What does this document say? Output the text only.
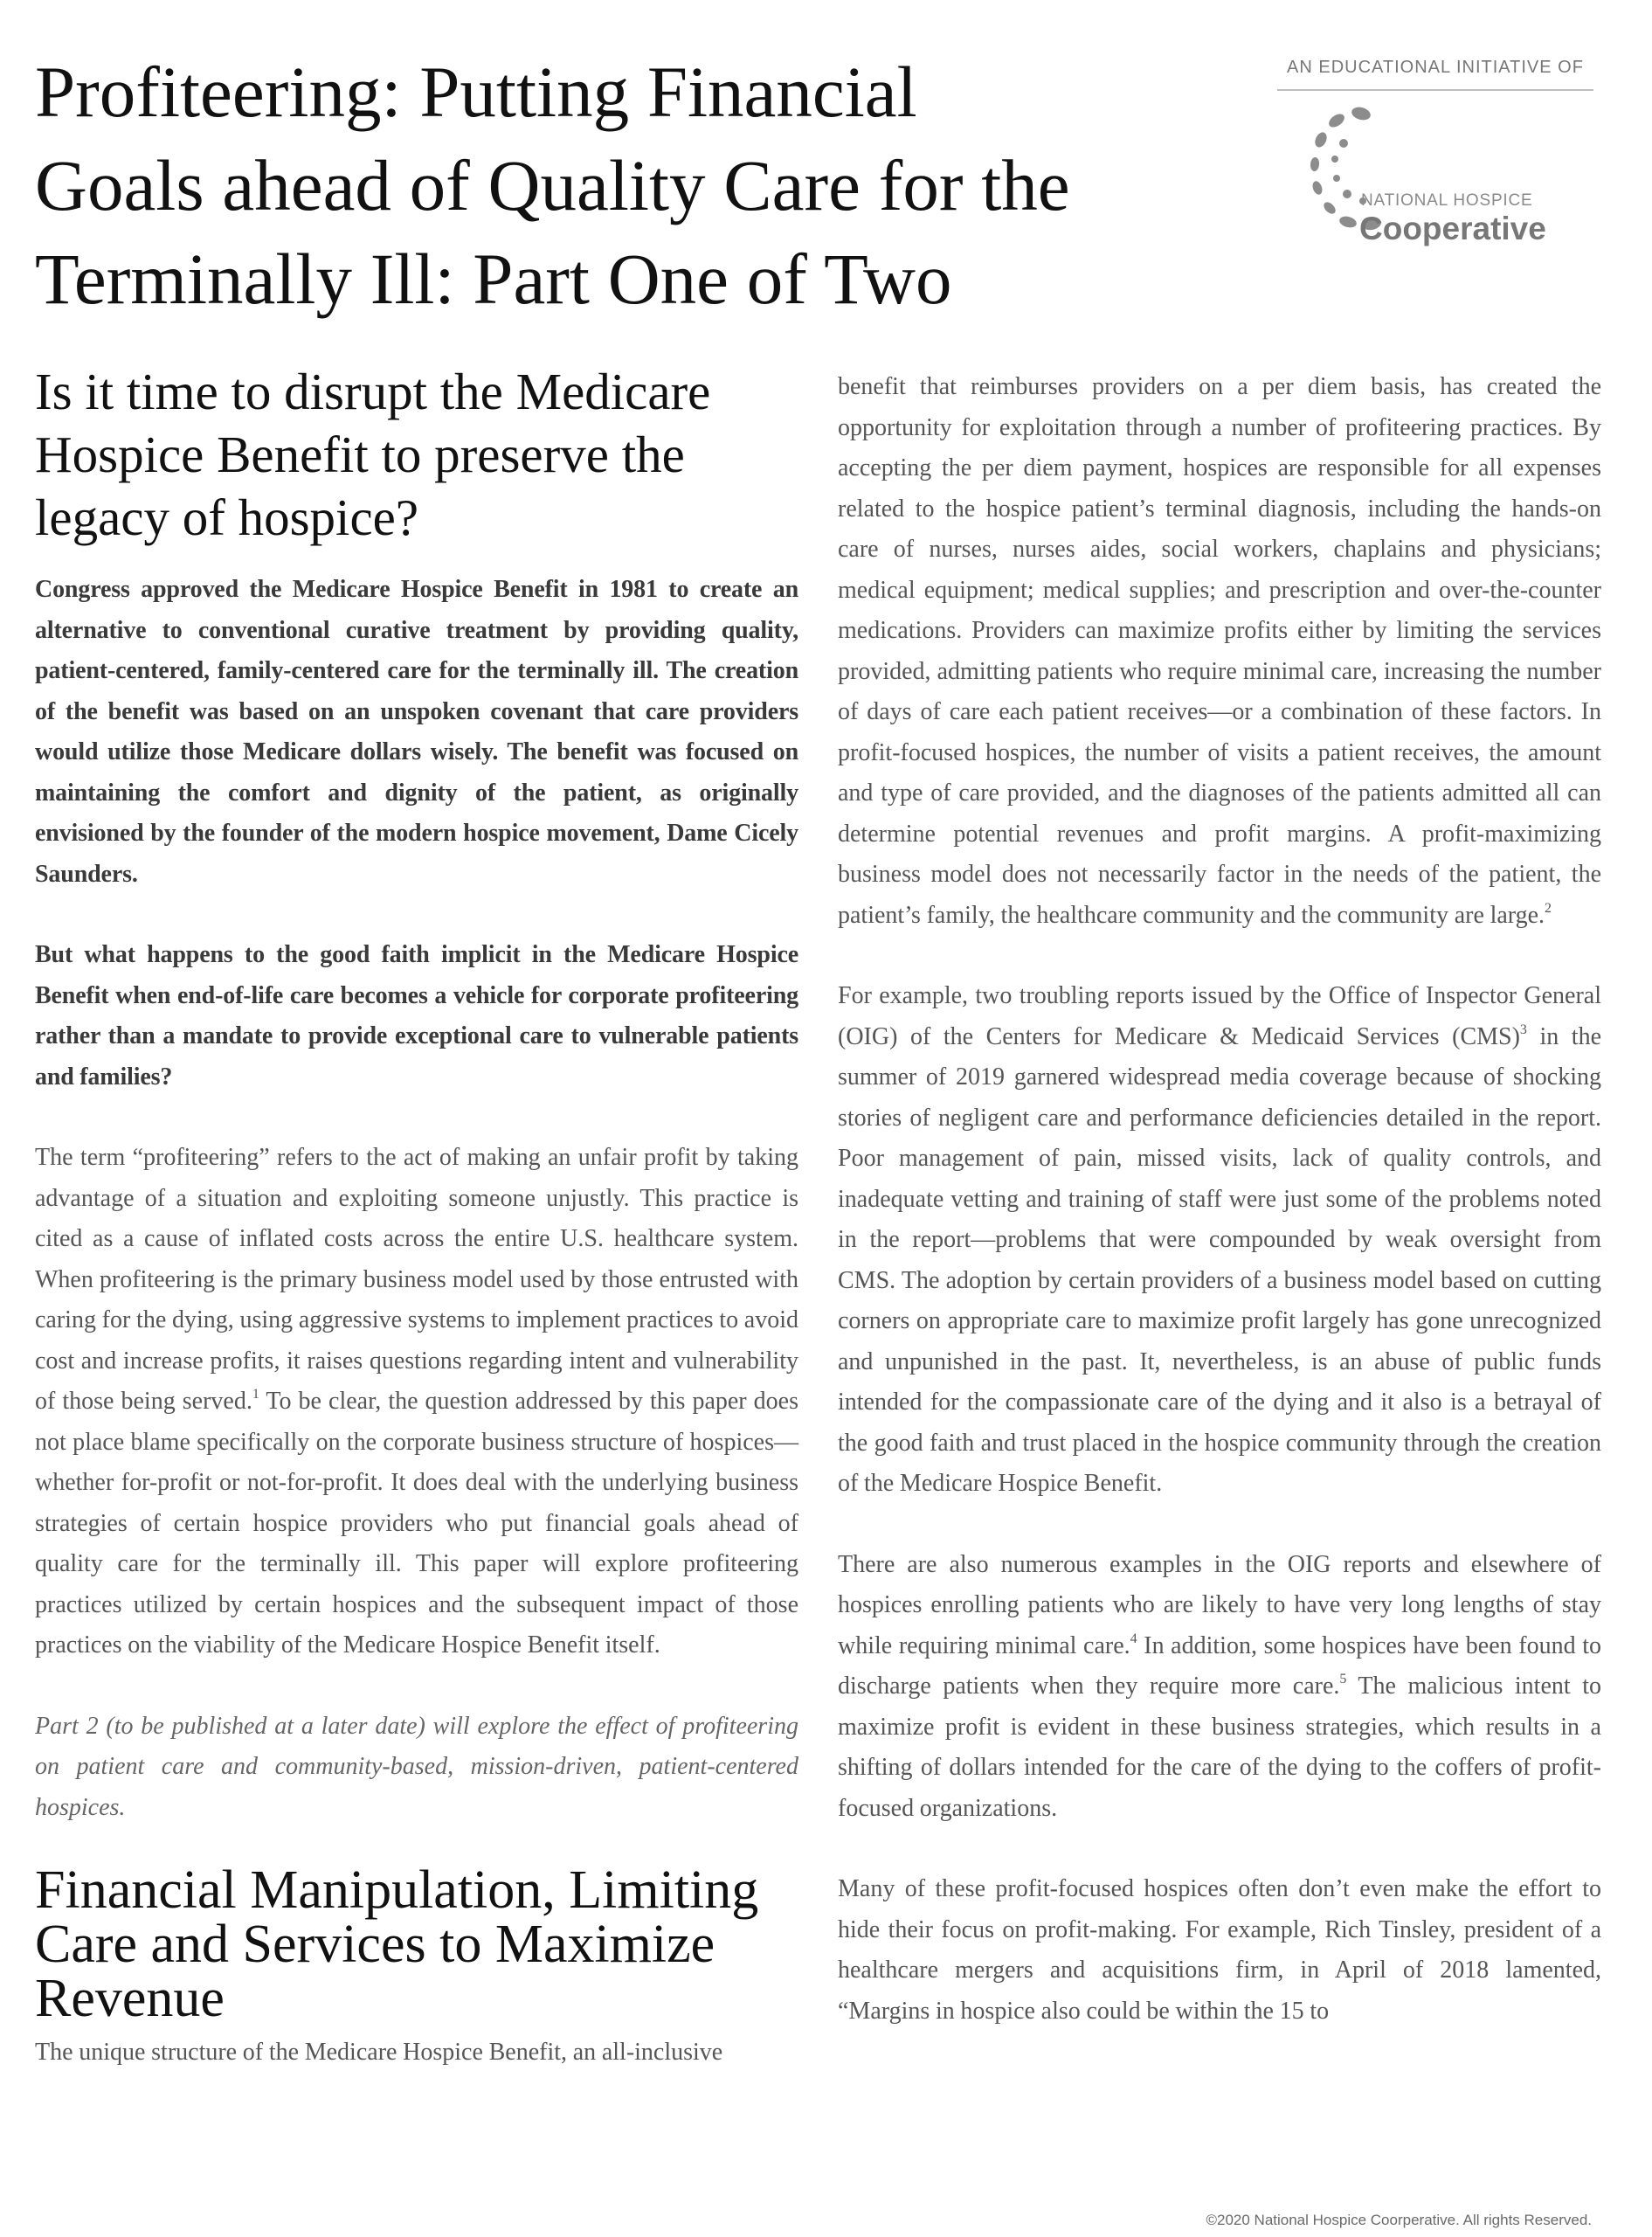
Profiteering: Putting Financial
Goals ahead of Quality Care for the
Terminally Ill: Part One of Two
AN EDUCATIONAL INITIATIVE OF
NATIONAL HOSPICE
Cooperative
Is it time to disrupt the Medicare
Hospice Benefit to preserve the
legacy of hospice?

Congress approved the Medicare Hospice Benefit in 1981 to create an alternative to conventional curative treatment by providing quality, patient-centered, family-centered care for the terminally ill. The creation of the benefit was based on an unspoken covenant that care providers would utilize those Medicare dollars wisely. The benefit was focused on maintaining the comfort and dignity of the patient, as originally envisioned by the founder of the modern hospice movement, Dame Cicely Saunders.

But what happens to the good faith implicit in the Medicare Hospice Benefit when end-of-life care becomes a vehicle for corporate profiteering rather than a mandate to provide exceptional care to vulnerable patients and families?

The term “profiteering” refers to the act of making an unfair profit by taking advantage of a situation and exploiting someone unjustly. This practice is cited as a cause of inflated costs across the entire U.S. healthcare system. When profiteering is the primary business model used by those entrusted with caring for the dying, using aggressive systems to implement practices to avoid cost and increase profits, it raises questions regarding intent and vulnerability of those being served.$^1$ To be clear, the question addressed by this paper does not place blame specifically on the corporate business structure of hospices—whether for-profit or not-for-profit. It does deal with the underlying business strategies of certain hospice providers who put financial goals ahead of quality care for the terminally ill. This paper will explore profiteering practices utilized by certain hospices and the subsequent impact of those practices on the viability of the Medicare Hospice Benefit itself.

Part 2 (to be published at a later date) will explore the effect of profiteering on patient care and community-based, mission-driven, patient-centered hospices.

Financial Manipulation, Limiting
Care and Services to Maximize
Revenue

The unique structure of the Medicare Hospice Benefit, an all-inclusive

benefit that reimburses providers on a per diem basis, has created the opportunity for exploitation through a number of profiteering practices. By accepting the per diem payment, hospices are responsible for all expenses related to the hospice patient’s terminal diagnosis, including the hands-on care of nurses, nurses aides, social workers, chaplains and physicians; medical equipment; medical supplies; and prescription and over-the-counter medications. Providers can maximize profits either by limiting the services provided, admitting patients who require minimal care, increasing the number of days of care each patient receives—or a combination of these factors. In profit-focused hospices, the number of visits a patient receives, the amount and type of care provided, and the diagnoses of the patients admitted all can determine potential revenues and profit margins. A profit-maximizing business model does not necessarily factor in the needs of the patient, the patient’s family, the healthcare community and the community are large.$^2$

For example, two troubling reports issued by the Office of Inspector General (OIG) of the Centers for Medicare & Medicaid Services (CMS)$^3$ in the summer of 2019 garnered widespread media coverage because of shocking stories of negligent care and performance deficiencies detailed in the report. Poor management of pain, missed visits, lack of quality controls, and inadequate vetting and training of staff were just some of the problems noted in the report—problems that were compounded by weak oversight from CMS. The adoption by certain providers of a business model based on cutting corners on appropriate care to maximize profit largely has gone unrecognized and unpunished in the past. It, nevertheless, is an abuse of public funds intended for the compassionate care of the dying and it also is a betrayal of the good faith and trust placed in the hospice community through the creation of the Medicare Hospice Benefit.

There are also numerous examples in the OIG reports and elsewhere of hospices enrolling patients who are likely to have very long lengths of stay while requiring minimal care.$^4$ In addition, some hospices have been found to discharge patients when they require more care.$^5$ The malicious intent to maximize profit is evident in these business strategies, which results in a shifting of dollars intended for the care of the dying to the coffers of profit-focused organizations.

Many of these profit-focused hospices often don’t even make the effort to hide their focus on profit-making. For example, Rich Tinsley, president of a healthcare mergers and acquisitions firm, in April of 2018 lamented, “Margins in hospice also could be within the 15 to

©2020 National Hospice Coorperative. All rights Reserved.
